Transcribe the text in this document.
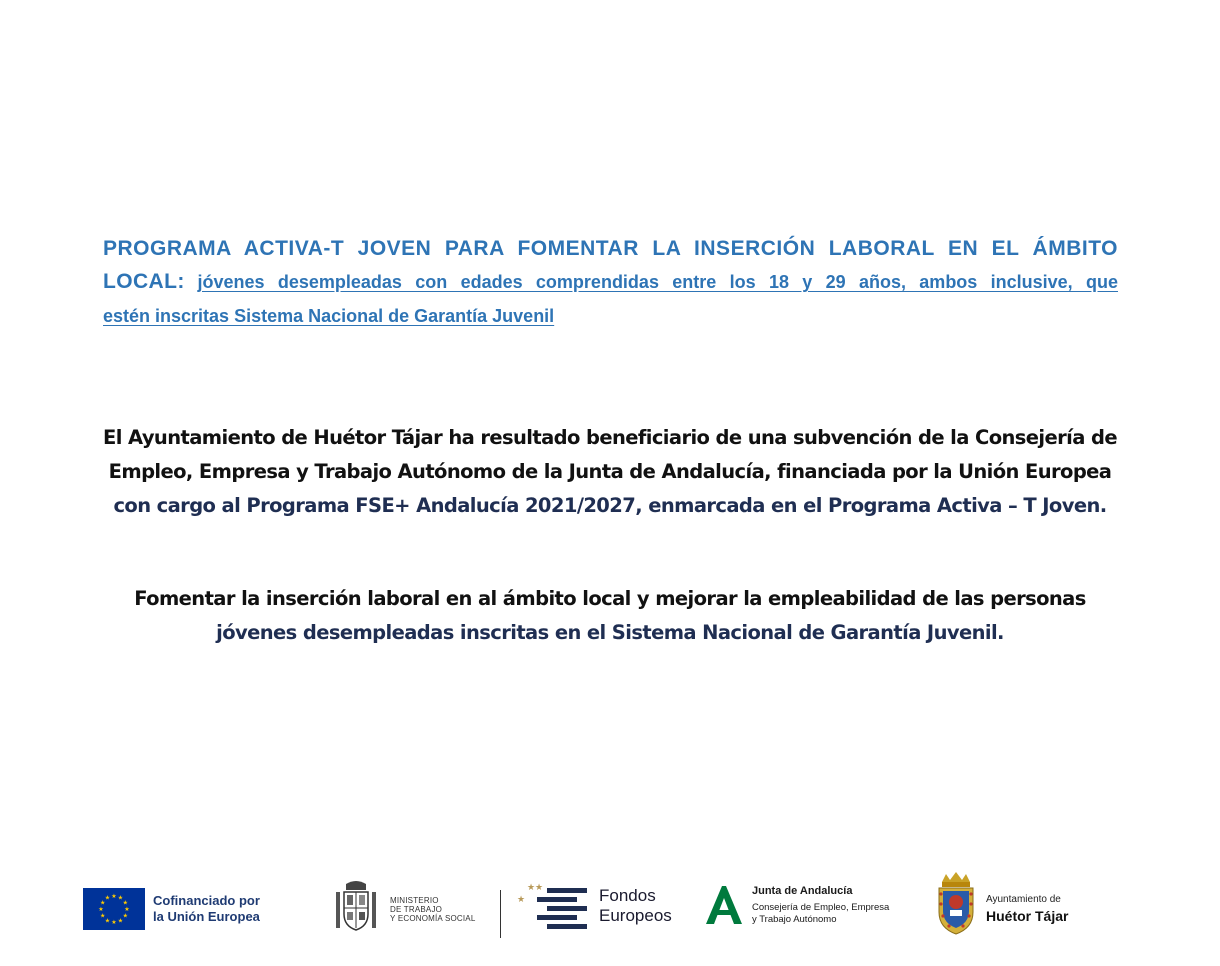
PROGRAMA ACTIVA-T JOVEN PARA FOMENTAR LA INSERCIÓN LABORAL EN EL ÁMBITO
LOCAL: jóvenes desempleadas con edades comprendidas entre los 18 y 29 años, ambos inclusive, que
estén inscritas Sistema Nacional de Garantía Juvenil
El Ayuntamiento de Huétor Tájar ha resultado beneficiario de una subvención de la Consejería de
Empleo, Empresa y Trabajo Autónomo de la Junta de Andalucía, financiada por la Unión Europea
con cargo al Programa FSE+ Andalucía 2021/2027, enmarcada en el Programa Activa – T Joven.
Fomentar la inserción laboral en al ámbito local y mejorar la empleabilidad de las personas
jóvenes desempleadas inscritas en el Sistema Nacional de Garantía Juvenil.
★ ★
★
★
★
★
★
★
★
★
★
★	Cofinanciado por
la Unión Europea
MINISTERIO
DE TRABAJO
Y ECONOMÍA SOCIAL
★ ★
★	Fondos
Europeos
Junta de Andalucía
Consejería de Empleo, Empresa
y Trabajo Autónomo
Ayuntamiento de
Huétor Tájar
